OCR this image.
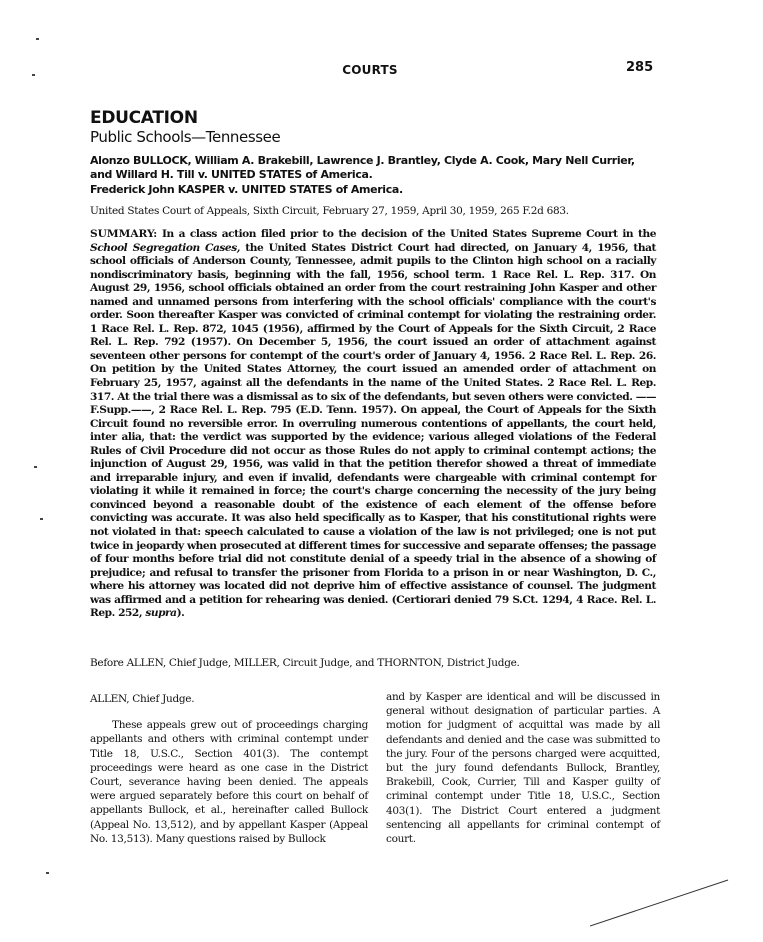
COURTS	285
EDUCATION
Public Schools—Tennessee
Alonzo BULLOCK, William A. Brakebill, Lawrence J. Brantley, Clyde A. Cook, Mary Nell Currier, and Willard H. Till v. UNITED STATES of America.
Frederick John KASPER v. UNITED STATES of America.
United States Court of Appeals, Sixth Circuit, February 27, 1959, April 30, 1959, 265 F.2d 683.
SUMMARY: In a class action filed prior to the decision of the United States Supreme Court in the School Segregation Cases, the United States District Court had directed, on January 4, 1956, that school officials of Anderson County, Tennessee, admit pupils to the Clinton high school on a racially nondiscriminatory basis, beginning with the fall, 1956, school term. 1 Race Rel. L. Rep. 317. On August 29, 1956, school officials obtained an order from the court restraining John Kasper and other named and unnamed persons from interfering with the school officials' compliance with the court's order. Soon thereafter Kasper was convicted of criminal contempt for violating the restraining order. 1 Race Rel. L. Rep. 872, 1045 (1956), affirmed by the Court of Appeals for the Sixth Circuit, 2 Race Rel. L. Rep. 792 (1957). On December 5, 1956, the court issued an order of attachment against seventeen other persons for contempt of the court's order of January 4, 1956. 2 Race Rel. L. Rep. 26. On petition by the United States Attorney, the court issued an amended order of attachment on February 25, 1957, against all the defendants in the name of the United States. 2 Race Rel. L. Rep. 317. At the trial there was a dismissal as to six of the defendants, but seven others were convicted. ——F.Supp.——, 2 Race Rel. L. Rep. 795 (E.D. Tenn. 1957). On appeal, the Court of Appeals for the Sixth Circuit found no reversible error. In overruling numerous contentions of appellants, the court held, inter alia, that: the verdict was supported by the evidence; various alleged violations of the Federal Rules of Civil Procedure did not occur as those Rules do not apply to criminal contempt actions; the injunction of August 29, 1956, was valid in that the petition therefor showed a threat of immediate and irreparable injury, and even if invalid, defendants were chargeable with criminal contempt for violating it while it remained in force; the court's charge concerning the necessity of the jury being convinced beyond a reasonable doubt of the existence of each element of the offense before convicting was accurate. It was also held specifically as to Kasper, that his constitutional rights were not violated in that: speech calculated to cause a violation of the law is not privileged; one is not put twice in jeopardy when prosecuted at different times for successive and separate offenses; the passage of four months before trial did not constitute denial of a speedy trial in the absence of a showing of prejudice; and refusal to transfer the prisoner from Florida to a prison in or near Washington, D. C., where his attorney was located did not deprive him of effective assistance of counsel. The judgment was affirmed and a petition for rehearing was denied. (Certiorari denied 79 S.Ct. 1294, 4 Race. Rel. L. Rep. 252, supra).
Before ALLEN, Chief Judge, MILLER, Circuit Judge, and THORNTON, District Judge.
ALLEN, Chief Judge.
These appeals grew out of proceedings charging appellants and others with criminal contempt under Title 18, U.S.C., Section 401(3). The contempt proceedings were heard as one case in the District Court, severance having been denied. The appeals were argued separately before this court on behalf of appellants Bullock, et al., hereinafter called Bullock (Appeal No. 13,512), and by appellant Kasper (Appeal No. 13,513). Many questions raised by Bullock
and by Kasper are identical and will be discussed in general without designation of particular parties. A motion for judgment of acquittal was made by all defendants and denied and the case was submitted to the jury. Four of the persons charged were acquitted, but the jury found defendants Bullock, Brantley, Brakebill, Cook, Currier, Till and Kasper guilty of criminal contempt under Title 18, U.S.C., Section 403(1). The District Court entered a judgment sentencing all appellants for criminal contempt of court.
